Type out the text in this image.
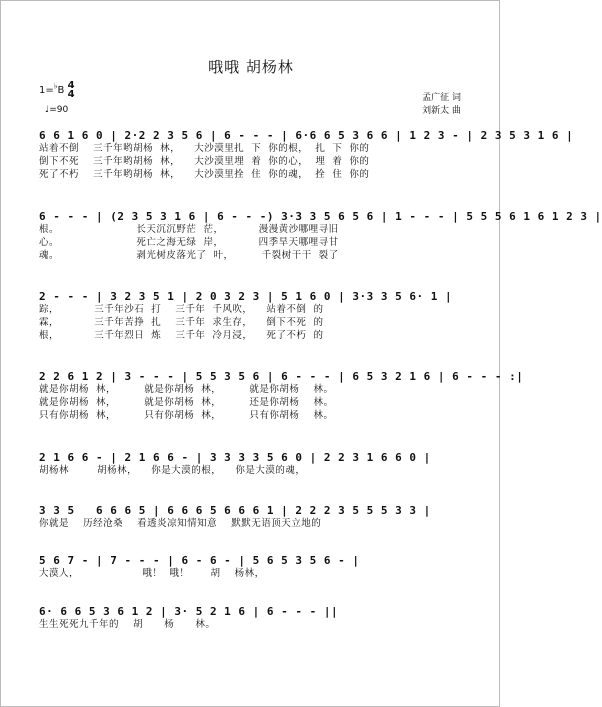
哦哦 胡杨林
1=♭B 4
4
♩=90
孟广征 词
刘新太 曲
6 6 1 6 0 | 2·2 2 3 5 6 | 6 - - - | 6·6 6 5 3 6 6 | 1 2 3 - | 2 3 5 3 1 6 |
站着不倒    三千年哟胡杨  林，    大沙漠里扎  下  你的根，  扎  下  你的
倒下不死    三千年哟胡杨  林，    大沙漠里埋  着  你的心，  埋  着  你的
死了不朽    三千年哟胡杨  林，    大沙漠里拴  住  你的魂，  拴  住  你的
6 - - - | (2 3 5 3 1 6 | 6 - - -) 3·3 3 5 6 5 6 | 1 - - - | 5 5 5 6 1 6 1 2 3 |
根。                      长天沉沉野茫  茫，          漫漫黄沙哪哩寻旧
心。                      死亡之海无绿  岸，          四季旱天哪哩寻甘
魂。                      剥光树皮落光了  叶，        千裂树干干  裂了
2 - - - | 3 2 3 5 1 | 2 0 3 2 3 | 5 1 6 0 | 3·3 3 5 6· 1 |
踪，          三千年沙石  打    三千年  千风吹，    站着不倒  的
霖，          三千年苦挣  扎    三千年  求生存，    倒下不死  的
根，          三千年烈日  炼    三千年  冷月浸，    死了不朽  的
2 2 6 1 2 | 3 - - - | 5 5 3 5 6 | 6 - - - | 6 5 3 2 1 6 | 6 - - - :|
就是你胡杨  林，        就是你胡杨  林，        就是你胡杨    林。
就是你胡杨  林，        就是你胡杨  林，        还是你胡杨    林。
只有你胡杨  林，        只有你胡杨  林，        只有你胡杨    林。
2 1 6 6 - | 2 1 6 6 - | 3 3 3 3 5 6 0 | 2 2 3 1 6 6 0 |
胡杨林        胡杨林，    你是大漠的根，    你是大漠的魂，
3 3 5   6 6 6 5 | 6 6 6 5 6 6 6 1 | 2 2 2 3 5 5 5 3 3 |
你就是    历经沧桑    看透炎凉知情知意    默默无语顶天立地的
5 6 7 - | 7 - - - | 6 - 6 - | 5 6 5 3 5 6 - |
大漠人，                  哦！  哦！      胡    杨林，
6· 6 6 5 3 6 1 2 | 3· 5 2 1 6 | 6 - - - ||
生生死死九千年的    胡      杨      林。
